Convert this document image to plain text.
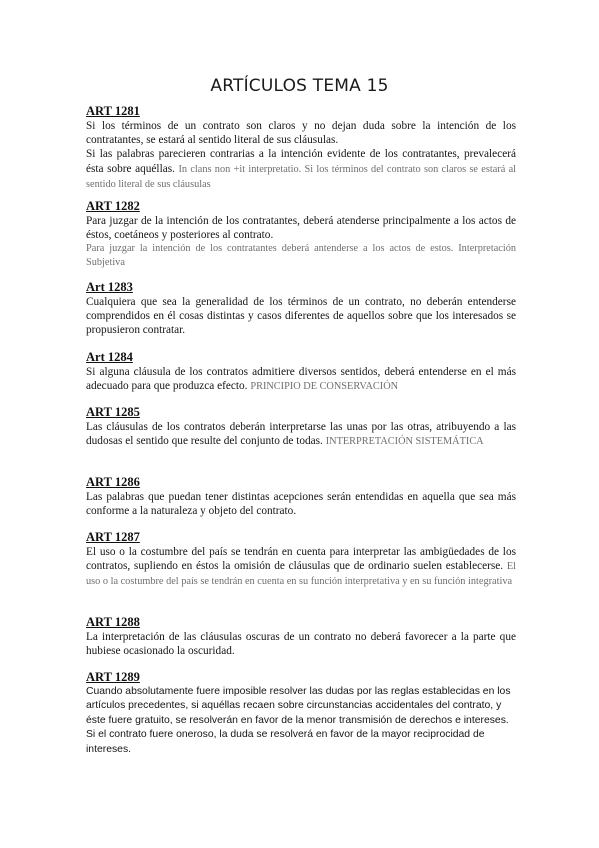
ARTÍCULOS TEMA 15
ART 1281

Si los términos de un contrato son claros y no dejan duda sobre la intención de los contratantes, se estará al sentido literal de sus cláusulas.

Si las palabras parecieren contrarias a la intención evidente de los contratantes, prevalecerá ésta sobre aquéllas. In clans non +it interpretatio. Si los términos del contrato son claros se estará al sentido literal de sus cláusulas

ART 1282

Para juzgar de la intención de los contratantes, deberá atenderse principalmente a los actos de éstos, coetáneos y posteriores al contrato.

Para juzgar la intención de los contratantes deberá antenderse a los actos de estos. Interpretación Subjetiva

Art 1283

Cualquiera que sea la generalidad de los términos de un contrato, no deberán entenderse comprendidos en él cosas distintas y casos diferentes de aquellos sobre que los interesados se propusieron contratar.

Art 1284

Si alguna cláusula de los contratos admitiere diversos sentidos, deberá entenderse en el más adecuado para que produzca efecto. PRINCIPIO DE CONSERVACIÓN

ART 1285

Las cláusulas de los contratos deberán interpretarse las unas por las otras, atribuyendo a las dudosas el sentido que resulte del conjunto de todas. INTERPRETACIÓN SISTEMÁTICA

ART 1286

Las palabras que puedan tener distintas acepciones serán entendidas en aquella que sea más conforme a la naturaleza y objeto del contrato.

ART 1287

El uso o la costumbre del país se tendrán en cuenta para interpretar las ambigüedades de los contratos, supliendo en éstos la omisión de cláusulas que de ordinario suelen establecerse. El uso o la costumbre del país se tendrán en cuenta en su función interpretativa y en su función integrativa

ART 1288

La interpretación de las cláusulas oscuras de un contrato no deberá favorecer a la parte que hubiese ocasionado la oscuridad.

ART 1289

Cuando absolutamente fuere imposible resolver las dudas por las reglas establecidas en los artículos precedentes, si aquéllas recaen sobre circunstancias accidentales del contrato, y éste fuere gratuito, se resolverán en favor de la menor transmisión de derechos e intereses. Si el contrato fuere oneroso, la duda se resolverá en favor de la mayor reciprocidad de intereses.
